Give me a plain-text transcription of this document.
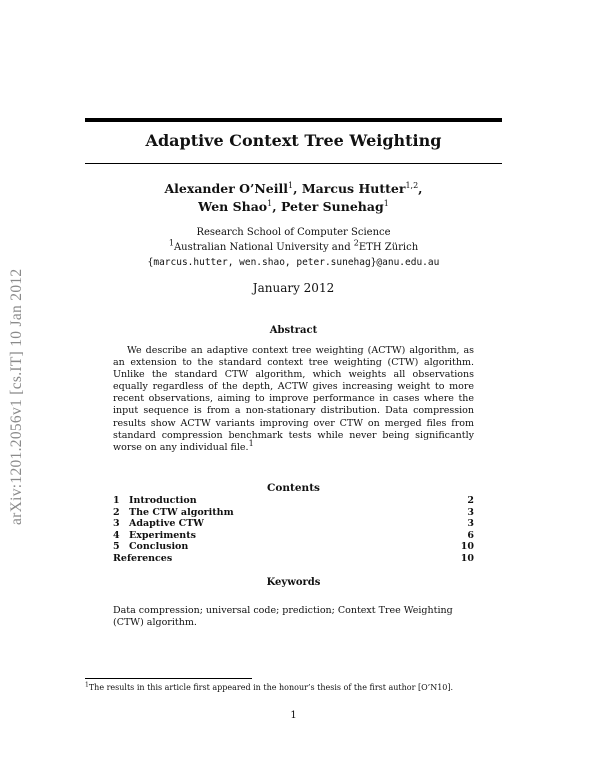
arXiv:1201.2056v1 [cs.IT] 10 Jan 2012
Adaptive Context Tree Weighting
Alexander O’Neill$^1$, Marcus Hutter$^{1,2}$,
Wen Shao$^1$, Peter Sunehag$^1$
Research School of Computer Science
$^1$Australian National University and $^2$ETH Zürich
{marcus.hutter, wen.shao, peter.sunehag}@anu.edu.au
January 2012
Abstract
We describe an adaptive context tree weighting (ACTW) algorithm, as an extension to the standard context tree weighting (CTW) algorithm. Unlike the standard CTW algorithm, which weights all observations equally regardless of the depth, ACTW gives increasing weight to more recent observations, aiming to improve performance in cases where the input sequence is from a non-stationary distribution. Data compression results show ACTW variants improving over CTW on merged files from standard compression benchmark tests while never being significantly worse on any individual file.$^1$
Contents
1 Introduction	2
2 The CTW algorithm	3
3 Adaptive CTW	3
4 Experiments	6
5 Conclusion	10
References	10
Keywords
Data compression; universal code; prediction; Context Tree Weighting (CTW) algorithm.
$^1$The results in this article first appeared in the honour’s thesis of the first author [O’N10].
1
